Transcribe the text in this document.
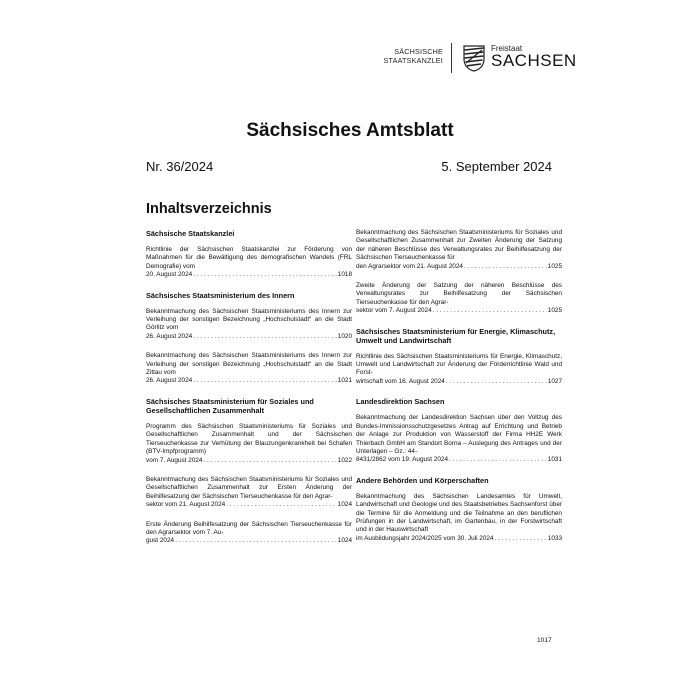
SÄCHSISCHE
STAATSKANZLEI
Freistaat
SACHSEN
Sächsisches Amtsblatt
Nr. 36/2024	5. September 2024
Inhaltsverzeichnis
Sächsische Staatskanzlei

Richtlinie der Sächsischen Staatskanzlei zur Förderung von Maßnahmen für die Bewältigung des demografischen Wandels (FRL Demografie) vom

20. August 2024 . . .	1018
Sächsisches Staatsministerium des Innern

Bekanntmachung des Sächsischen Staatsministeriums des Innern zur Verleihung der sonstigen Bezeichnung „Hochschulstadt“ an die Stadt Görlitz vom

26. August 2024 . . .	1020

Bekanntmachung des Sächsischen Staatsministeriums des Innern zur Verleihung der sonstigen Bezeichnung „Hochschulstadt“ an die Stadt Zittau vom

26. August 2024 . . .	1021
Sächsisches Staatsministerium für Soziales und Gesellschaftlichen Zusammenhalt

Programm des Sächsischen Staatsministeriums für Soziales und Gesellschaftlichen Zusammenhalt und der Sächsischen Tierseuchenkasse zur Verhütung der Blauzungenkrankheit bei Schafen (BTV-Impfprogramm)

vom 7. August 2024 . . .	1022

Bekanntmachung des Sächsischen Staatsministeriums für Soziales und Gesellschaftlichen Zusammenhalt zur Ersten Änderung der Beihilfesatzung der Sächsischen Tierseuchenkasse für den Agrar-

sektor vom 21. August 2024 . . .	1024

Erste Änderung Beihilfesatzung der Sächsischen Tierseuchenkasse für den Agrarsektor vom 7. Au-

gust 2024 . . .	1024

Bekanntmachung des Sächsischen Staatsministeriums für Soziales und Gesellschaftlichen Zusammenhalt zur Zweiten Änderung der Satzung der näheren Beschlüsse des Verwaltungsrates zur Beihilfesatzung der Sächsischen Tierseuchenkasse für

den Agrarsektor vom 21. August 2024 . . .	1025

Zweite Änderung der Satzung der näheren Beschlüsse des Verwaltungsrates zur Beihilfesatzung der Sächsischen Tierseuchenkasse für den Agrar-

sektor vom 7. August 2024 . . .	1025
Sächsisches Staatsministerium für Energie, Klimaschutz, Umwelt und Landwirtschaft

Richtlinie des Sächsischen Staatsministeriums für Energie, Klimaschutz, Umwelt und Landwirtschaft zur Änderung der Förderrichtlinie Wald und Forst-

wirtschaft vom 16. August 2024 . . .	1027
Landesdirektion Sachsen

Bekanntmachung der Landesdirektion Sachsen über den Vollzug des Bundes-Immissionsschutzgesetzes Antrag auf Errichtung und Betrieb der Anlage zur Produktion von Wasserstoff der Firma HH2E Werk Thierbach GmbH am Standort Borna – Auslegung des Antrages und der Unterlagen – Gz.: 44-

8431/2862 vom 19. August 2024 . . .	1031
Andere Behörden und Körperschaften

Bekanntmachung des Sächsischen Landesamtes für Umwelt, Landwirtschaft und Geologie und des Staatsbetriebes Sachsenforst über die Termine für die Anmeldung und die Teilnahme an den beruflichen Prüfungen in der Landwirtschaft, im Gartenbau, in der Forstwirtschaft und in der Hauswirtschaft

im Ausbildungsjahr 2024/2025 vom 30. Juli 2024 . . .	1033
1017
